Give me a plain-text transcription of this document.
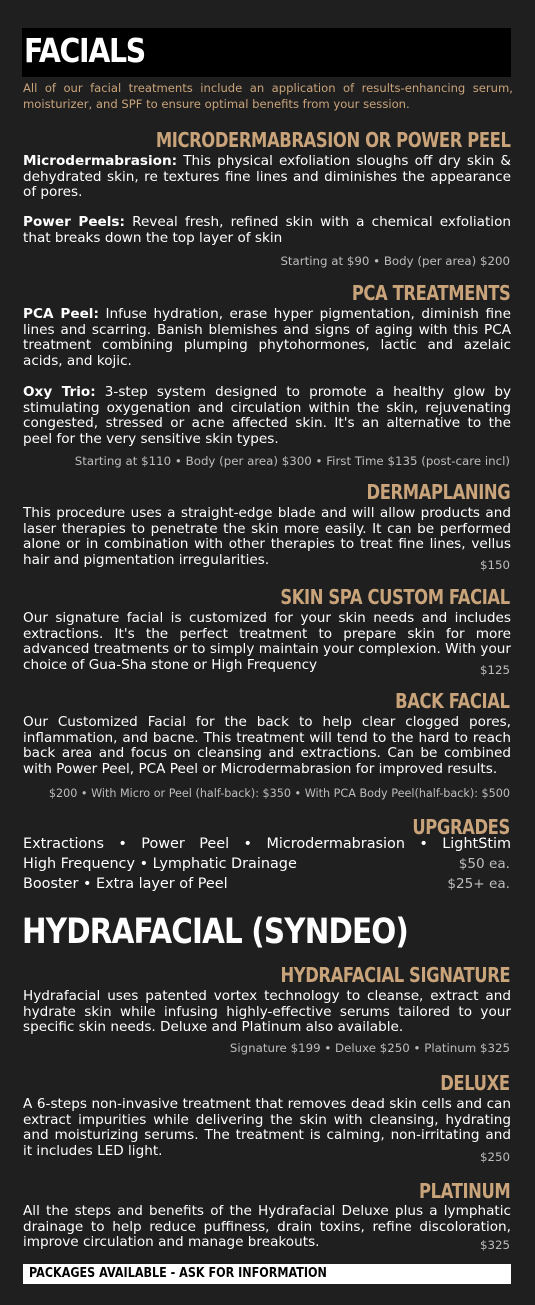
FACIALS

All of our facial treatments include an application of results-enhancing serum, moisturizer, and SPF to ensure optimal benefits from your session.

MICRODERMABRASION OR POWER PEEL

Microdermabrasion: This physical exfoliation sloughs off dry skin & dehydrated skin, re textures fine lines and diminishes the appearance of pores.

Power Peels: Reveal fresh, refined skin with a chemical exfoliation that breaks down the top layer of skin

Starting at $90 • Body (per area) $200
PCA TREATMENTS

PCA Peel: Infuse hydration, erase hyper pigmentation, diminish fine lines and scarring. Banish blemishes and signs of aging with this PCA treatment combining plumping phytohormones, lactic and azelaic acids, and kojic.

Oxy Trio: 3-step system designed to promote a healthy glow by stimulating oxygenation and circulation within the skin, rejuvenating congested, stressed or acne affected skin. It's an alternative to the peel for the very sensitive skin types.

Starting at $110 • Body (per area) $300 • First Time $135 (post-care incl)
DERMAPLANING

This procedure uses a straight-edge blade and will allow products and laser therapies to penetrate the skin more easily. It can be performed alone or in combination with other therapies to treat fine lines, vellus hair and pigmentation irregularities.	$150
SKIN SPA CUSTOM FACIAL

Our signature facial is customized for your skin needs and includes extractions. It's the perfect treatment to prepare skin for more advanced treatments or to simply maintain your complexion. With your choice of Gua-Sha stone or High Frequency	$125
BACK FACIAL

Our Customized Facial for the back to help clear clogged pores, inflammation, and bacne. This treatment will tend to the hard to reach back area and focus on cleansing and extractions. Can be combined with Power Peel, PCA Peel or Microdermabrasion for improved results.

$200 • With Micro or Peel (half-back): $350 • With PCA Body Peel(half-back): $500
UPGRADES
Extractions • Power Peel • Microdermabrasion • LightStim
High Frequency • Lymphatic Drainage	$50 ea.
Booster • Extra layer of Peel	$25+ ea.
HYDRAFACIAL (SYNDEO)
HYDRAFACIAL SIGNATURE

Hydrafacial uses patented vortex technology to cleanse, extract and hydrate skin while infusing highly-effective serums tailored to your specific skin needs. Deluxe and Platinum also available.

Signature $199 • Deluxe $250 • Platinum $325
DELUXE

A 6-steps non-invasive treatment that removes dead skin cells and can extract impurities while delivering the skin with cleansing, hydrating and moisturizing serums. The treatment is calming, non-irritating and it includes LED light.	$250
PLATINUM

All the steps and benefits of the Hydrafacial Deluxe plus a lymphatic drainage to help reduce puffiness, drain toxins, refine discoloration, improve circulation and manage breakouts.	$325
PACKAGES AVAILABLE - ASK FOR INFORMATION
